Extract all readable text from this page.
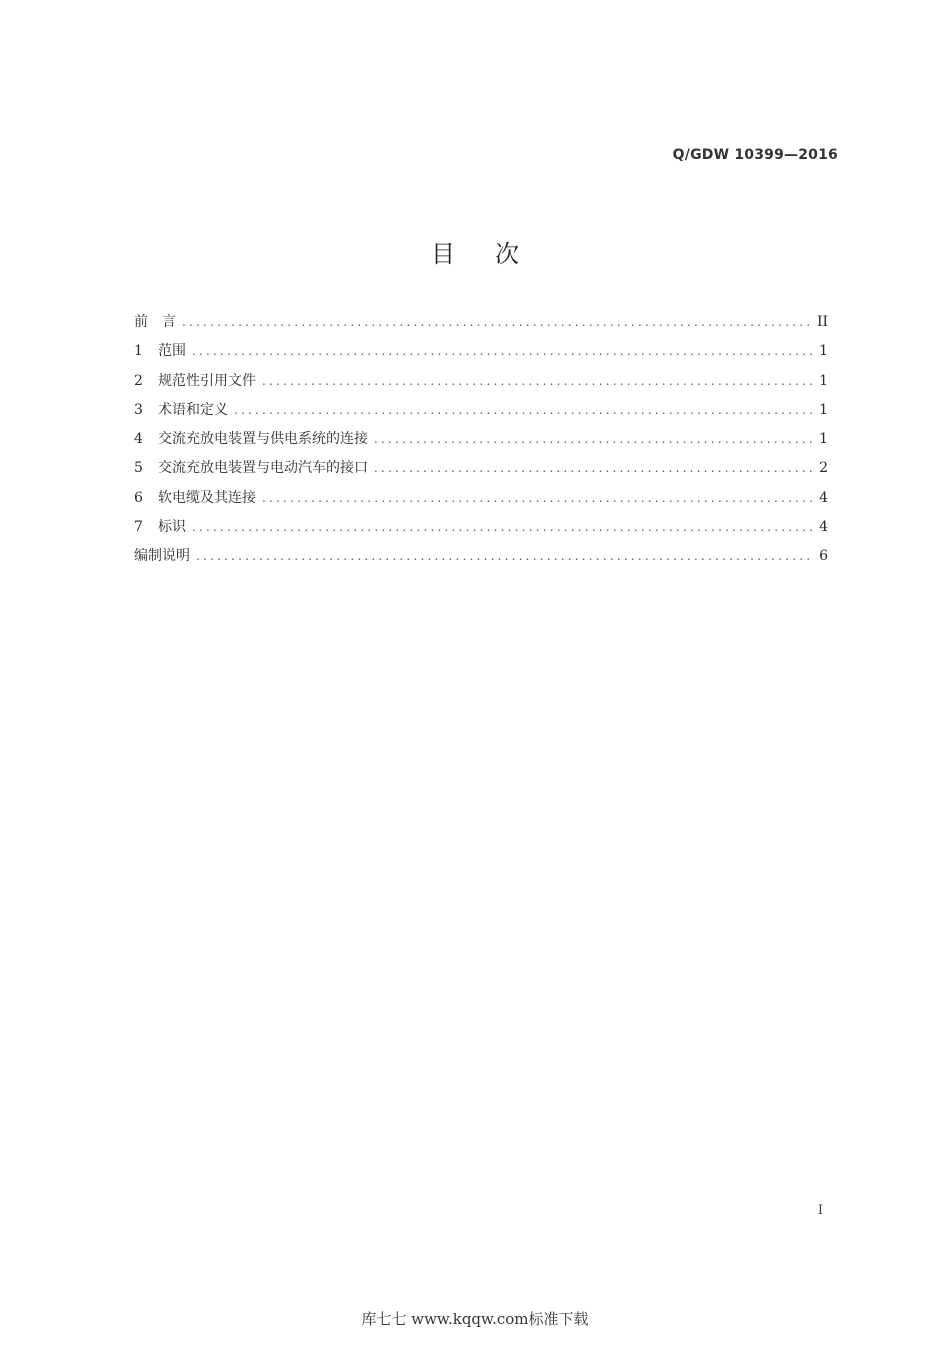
Q/GDW 10399—2016
目次
前　言 .....	II
1	范围 .....	1
2	规范性引用文件 .....	1
3	术语和定义 .....	1
4	交流充放电装置与供电系统的连接 .....	1
5	交流充放电装置与电动汽车的接口 .....	2
6	软电缆及其连接 .....	4
7	标识 .....	4
编制说明 .....	6
I
库七七 www.kqqw.com标准下载
